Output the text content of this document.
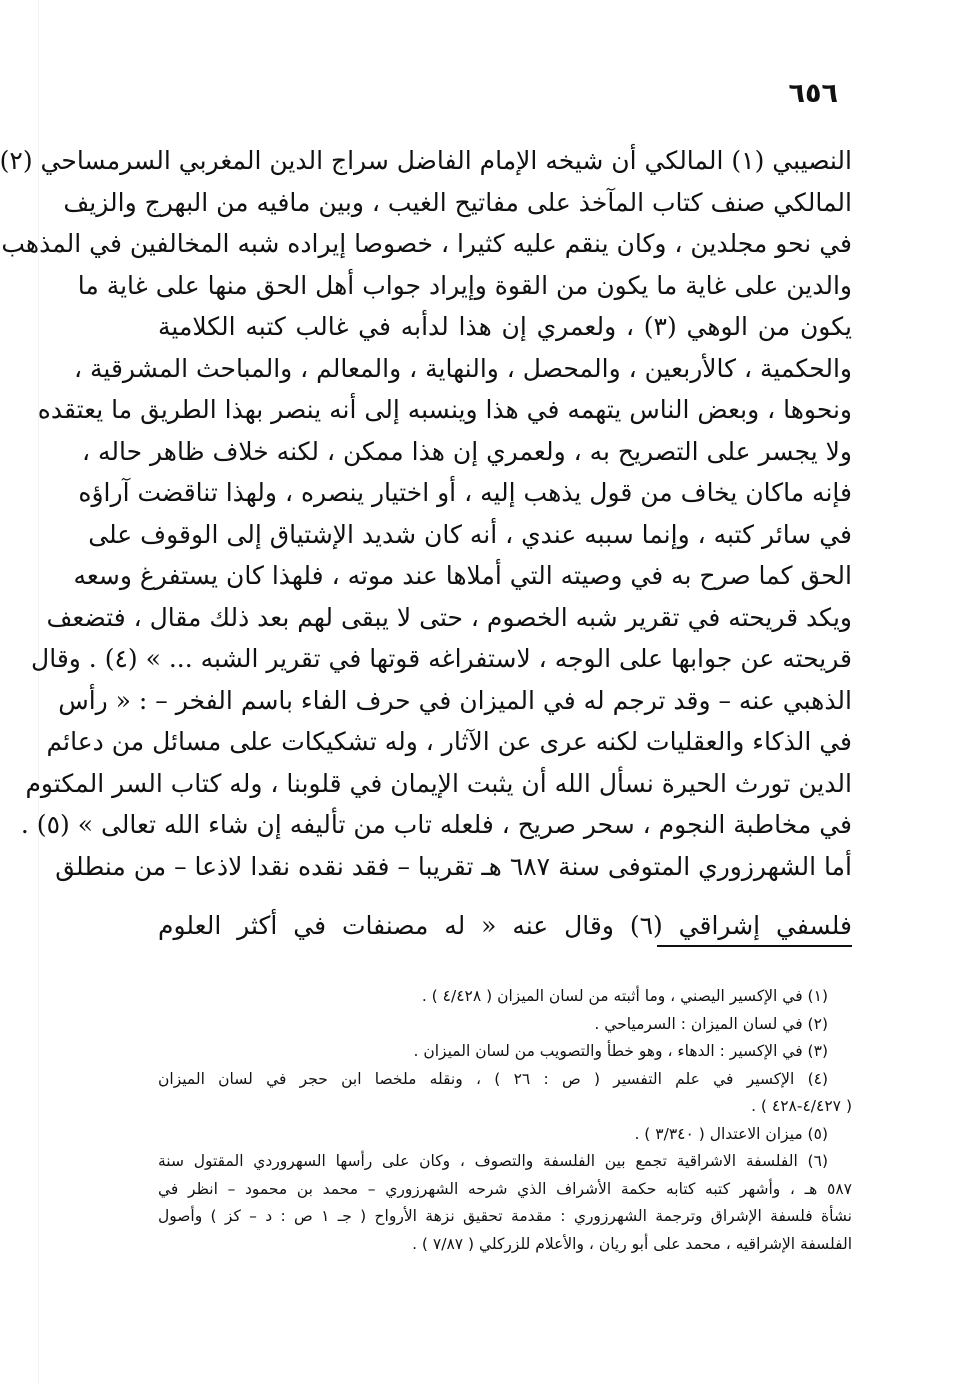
٦٥٦
النصيبي (١) المالكي أن شيخه الإمام الفاضل سراج الدين المغربي السرمساحي (٢)
المالكي صنف كتاب المآخذ على مفاتيح الغيب ، وبين مافيه من البهرج والزيف
في نحو مجلدين ، وكان ينقم عليه كثيرا ، خصوصا إيراده شبه المخالفين في المذهب
والدين على غاية ما يكون من القوة وإيراد جواب أهل الحق منها على غاية ما
يكون من الوهي (٣) ، ولعمري إن هذا لدأبه في غالب كتبه الكلامية
والحكمية ، كالأربعين ، والمحصل ، والنهاية ، والمعالم ، والمباحث المشرقية ،
ونحوها ، وبعض الناس يتهمه في هذا وينسبه إلى أنه ينصر بهذا الطريق ما يعتقده
ولا يجسر على التصريح به ، ولعمري إن هذا ممكن ، لكنه خلاف ظاهر حاله ،
فإنه ماكان يخاف من قول يذهب إليه ، أو اختيار ينصره ، ولهذا تناقضت آراؤه
في سائر كتبه ، وإنما سببه عندي ، أنه كان شديد الإشتياق إلى الوقوف على
الحق كما صرح به في وصيته التي أملاها عند موته ، فلهذا كان يستفرغ وسعه
ويكد قريحته في تقرير شبه الخصوم ، حتى لا يبقى لهم بعد ذلك مقال ، فتضعف
قريحته عن جوابها على الوجه ، لاستفراغه قوتها في تقرير الشبه ... » (٤) . وقال
الذهبي عنه – وقد ترجم له في الميزان في حرف الفاء باسم الفخر – : « رأس
في الذكاء والعقليات لكنه عرى عن الآثار ، وله تشكيكات على مسائل من دعائم
الدين تورث الحيرة نسأل الله أن يثبت الإيمان في قلوبنا ، وله كتاب السر المكتوم
في مخاطبة النجوم ، سحر صريح ، فلعله تاب من تأليفه إن شاء الله تعالى » (٥) .
أما الشهرزوري المتوفى سنة ٦٨٧ هـ تقريبا – فقد نقده نقدا لاذعا – من منطلق
فلسفي إشراقي (٦) وقال عنه « له مصنفات في أكثر العلوم
(١) في الإكسير اليصني ، وما أثبته من لسان الميزان ( ٤/٤٢٨ ) .
(٢) في لسان الميزان : السرمياحي .
(٣) في الإكسير : الدهاء ، وهو خطأ والتصويب من لسان الميزان .
(٤) الإكسير في علم التفسير ( ص : ٢٦ ) ، ونقله ملخصا ابن حجر في لسان الميزان
( ٤/٤٢٧-٤٢٨ ) .
(٥) ميزان الاعتدال ( ٣/٣٤٠ ) .
(٦) الفلسفة الاشراقية تجمع بين الفلسفة والتصوف ، وكان على رأسها السهروردي المقتول سنة
٥٨٧ هـ ، وأشهر كتبه كتابه حكمة الأشراف الذي شرحه الشهرزوري – محمد بن محمود – انظر في
نشأة فلسفة الإشراق وترجمة الشهرزوري : مقدمة تحقيق نزهة الأرواح ( جـ ١ ص : د – كز ) وأصول
الفلسفة الإشراقيه ، محمد على أبو ريان ، والأعلام للزركلي ( ٧/٨٧ ) .
